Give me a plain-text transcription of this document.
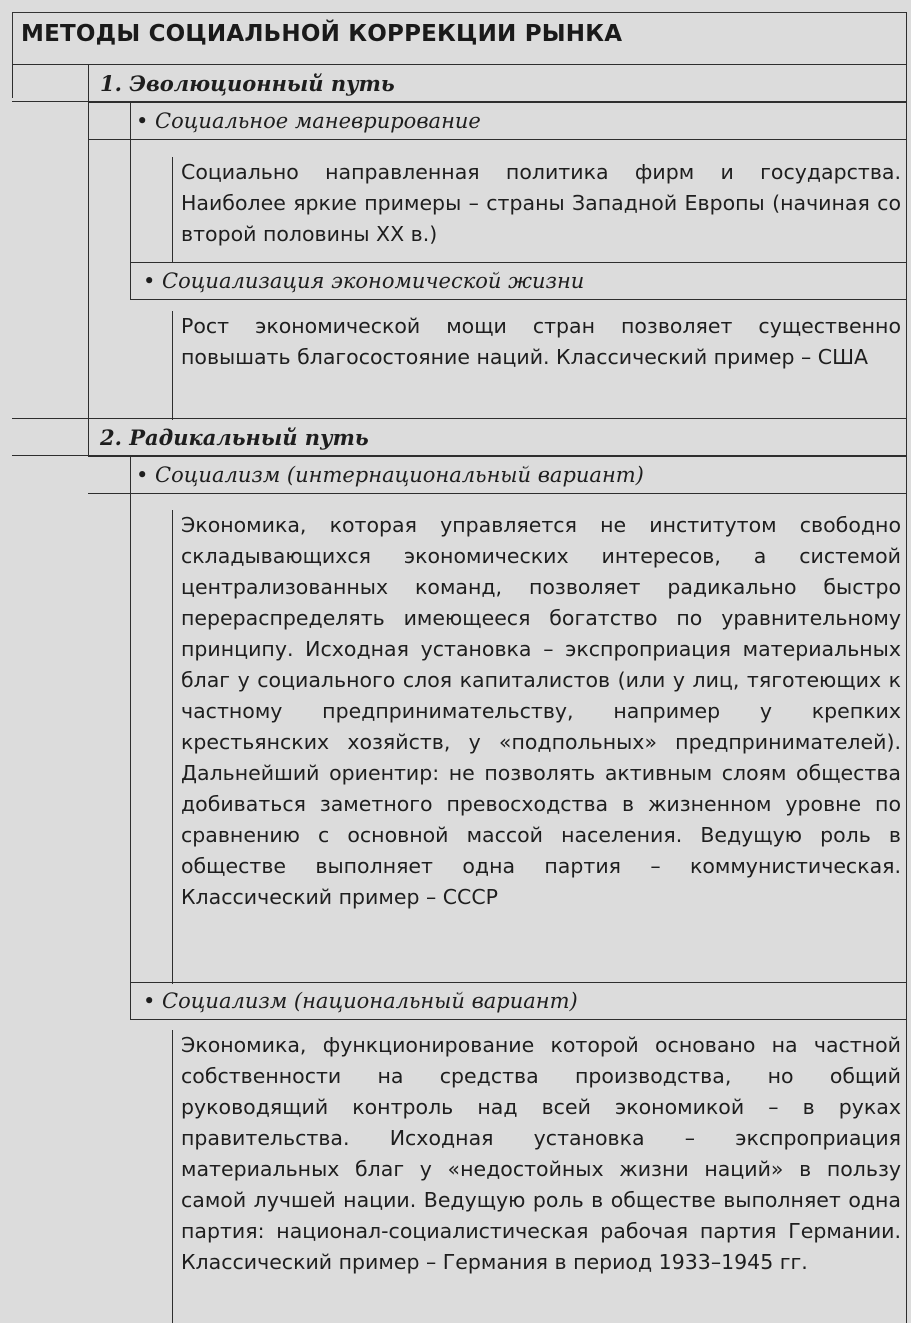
МЕТОДЫ СОЦИАЛЬНОЙ КОРРЕКЦИИ РЫНКА
1. Эволюционный путь
• Социальное маневрирование
Социально направленная политика фирм и государства. Наиболее яркие примеры – страны Западной Европы (начиная со второй половины XX в.)
• Социализация экономической жизни
Рост экономической мощи стран позволяет существенно повышать благосостояние наций. Классический пример – США
2. Радикальный путь
• Социализм (интернациональный вариант)
Экономика, которая управляется не институтом свободно складывающихся экономических интересов, а системой централизованных команд, позволяет радикально быстро перераспределять имеющееся богатство по уравнительному принципу. Исходная установка – экспроприация материальных благ у социального слоя капиталистов (или у лиц, тяготеющих к частному предпринимательству, например у крепких крестьянских хозяйств, у «подпольных» предпринимателей). Дальнейший ориентир: не позволять активным слоям общества добиваться заметного превосходства в жизненном уровне по сравнению с основной массой населения. Ведущую роль в обществе выполняет одна партия – коммунистическая. Классический пример – СССР
• Социализм (национальный вариант)
Экономика, функционирование которой основано на частной собственности на средства производства, но общий руководящий контроль над всей экономикой – в руках правительства. Исходная установка – экспроприация материальных благ у «недостойных жизни наций» в пользу самой лучшей нации. Ведущую роль в обществе выполняет одна партия: национал-социалистическая рабочая партия Германии. Классический пример – Германия в период 1933–1945 гг.
